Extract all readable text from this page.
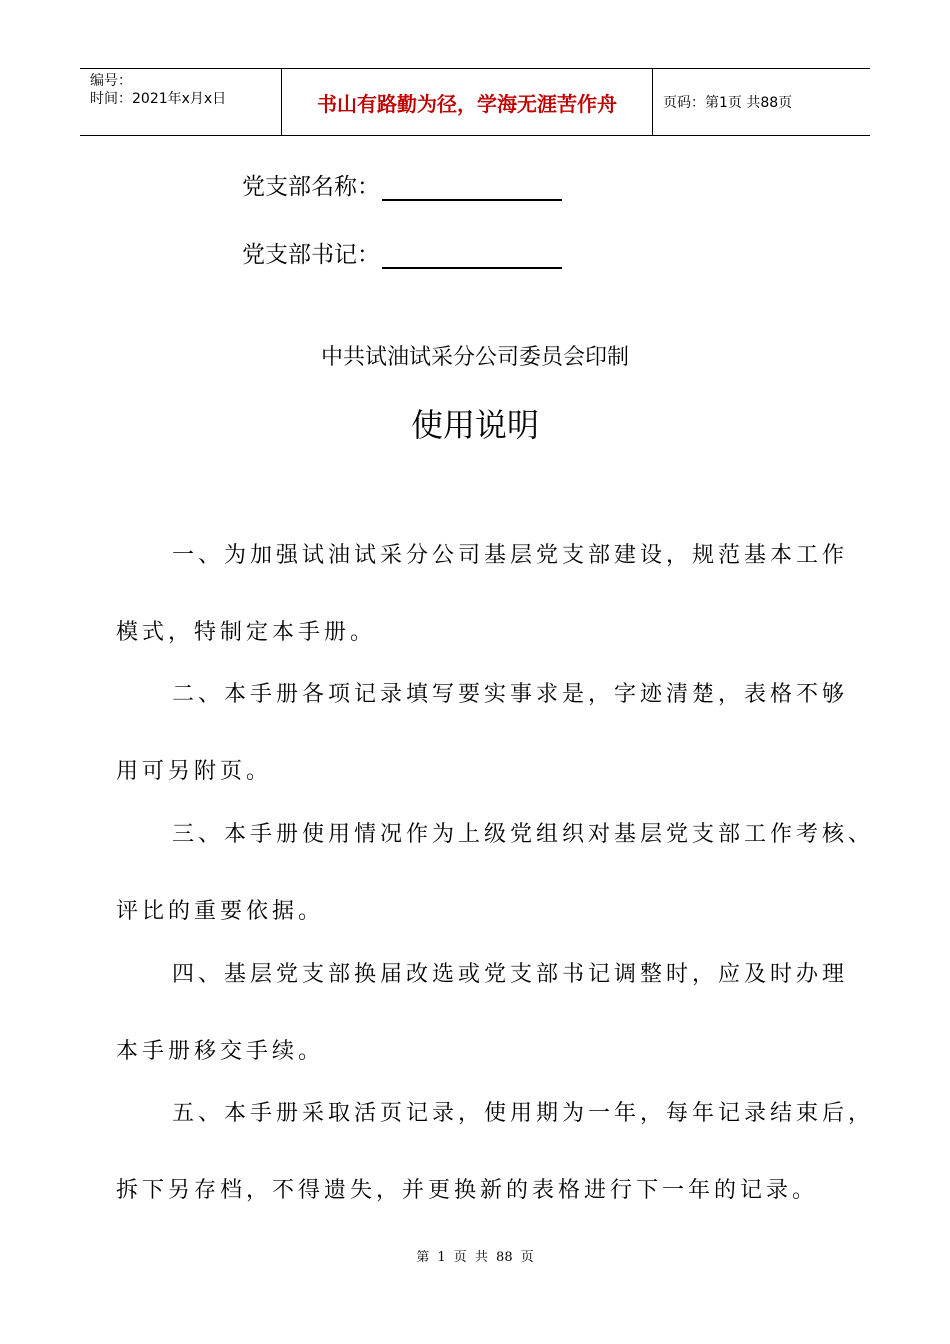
编号：
时间：2021年x月x日	书山有路勤为径，学海无涯苦作舟	页码：第1页 共88页
党支部名称：
党支部书记：
中共试油试采分公司委员会印制
使用说明
一、为加强试油试采分公司基层党支部建设，规范基本工作
模式，特制定本手册。
二、本手册各项记录填写要实事求是，字迹清楚，表格不够
用可另附页。
三、本手册使用情况作为上级党组织对基层党支部工作考核、
评比的重要依据。
四、基层党支部换届改选或党支部书记调整时，应及时办理
本手册移交手续。
五、本手册采取活页记录，使用期为一年，每年记录结束后，
拆下另存档，不得遗失，并更换新的表格进行下一年的记录。
第 1 页 共 88 页
